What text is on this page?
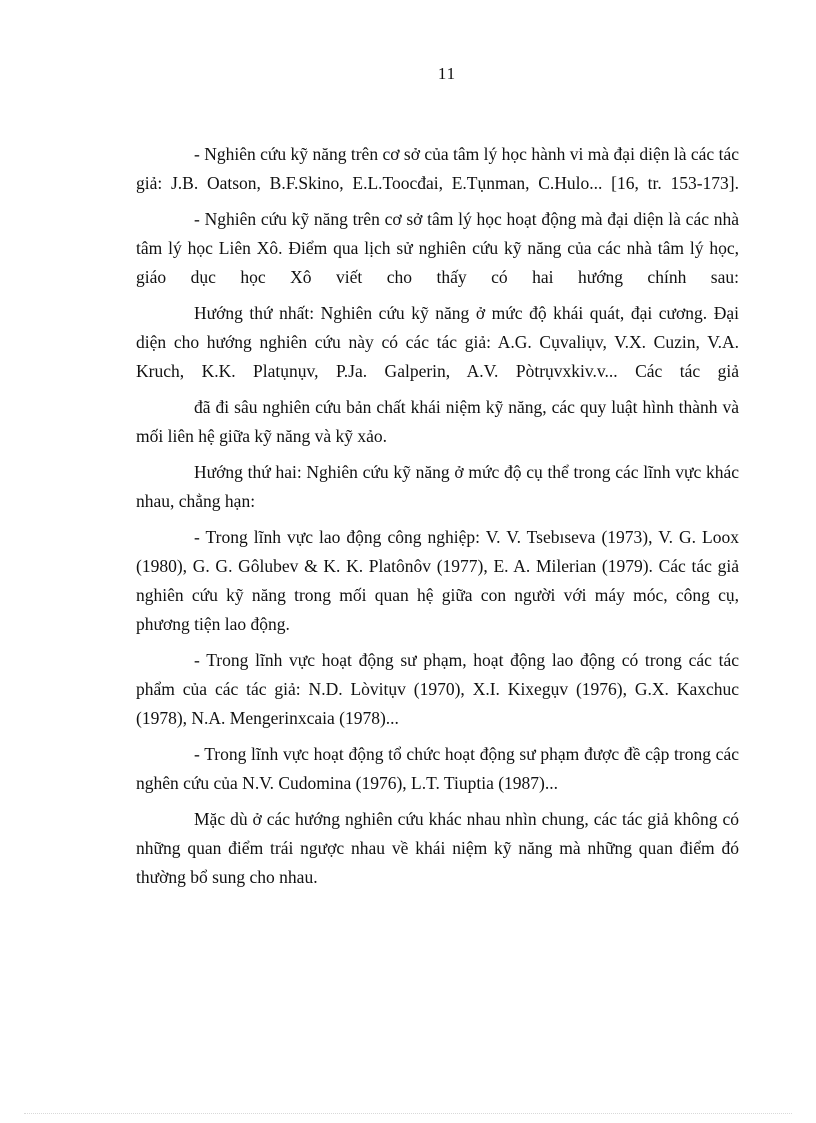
11

- Nghiên cứu kỹ năng trên cơ sở của tâm lý học hành vi mà đại diện là các tác giả: J.B. Oatson, B.F.Skino, E.L.Toocđai, E.Tụnman, C.Hulo... [16, tr. 153-173].

- Nghiên cứu kỹ năng trên cơ sở tâm lý học hoạt động mà đại diện là các nhà tâm lý học Liên Xô. Điểm qua lịch sử nghiên cứu kỹ năng của các nhà tâm lý học, giáo dục học Xô viết cho thấy có hai hướng chính sau:

Hướng thứ nhất: Nghiên cứu kỹ năng ở mức độ khái quát, đại cương. Đại diện cho hướng nghiên cứu này có các tác giả: A.G. Cụvaliụv, V.X. Cuzin, V.A. Kruch, K.K. Platụnụv, P.Ja. Galperin, A.V. Pòtrụvxkiv.v... Các tác giả

đã đi sâu nghiên cứu bản chất khái niệm kỹ năng, các quy luật hình thành và mối liên hệ giữa kỹ năng và kỹ xảo.

Hướng thứ hai: Nghiên cứu kỹ năng ở mức độ cụ thể trong các lĩnh vực khác nhau, chẳng hạn:

- Trong lĩnh vực lao động công nghiệp: V. V. Tsebıseva (1973), V. G. Loox (1980), G. G. Gôlubev & K. K. Platônôv (1977), E. A. Milerian (1979). Các tác giả nghiên cứu kỹ năng trong mối quan hệ giữa con người với máy móc, công cụ, phương tiện lao động.

- Trong lĩnh vực hoạt động sư phạm, hoạt động lao động có trong các tác phẩm của các tác giả: N.D. Lòvitụv (1970), X.I. Kixegụv (1976), G.X. Kaxchuc (1978), N.A. Mengerinxcaia (1978)...

- Trong lĩnh vực hoạt động tổ chức hoạt động sư phạm được đề cập trong các nghên cứu của N.V. Cudomina (1976), L.T. Tiuptia (1987)...

Mặc dù ở các hướng nghiên cứu khác nhau nhìn chung, các tác giả không có những quan điểm trái ngược nhau về khái niệm kỹ năng mà những quan điểm đó thường bổ sung cho nhau.
